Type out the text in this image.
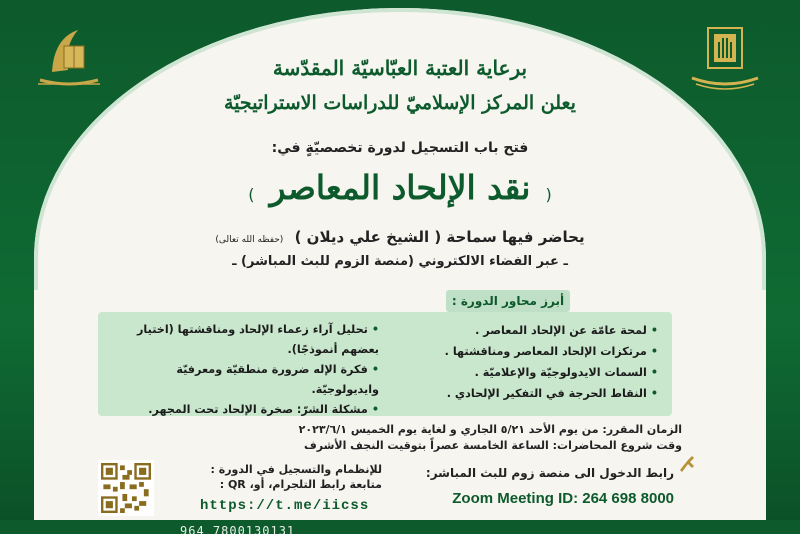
برعاية العتبة العبّاسيّة المقدّسة
يعلن المركز الإسلاميّ للدراسات الاستراتيجيّة
فتح باب التسجيل لدورة تخصصيّةٍ في:
( نقد الإلحاد المعاصر )
يحاضر فيها سماحة ( الشيخ علي ديلان ) (حفظه الله تعالى)
ـ عبر الفضاء الالكتروني (منصة الزوم للبث المباشر) ـ
أبرز محاور الدورة :
• لمحة عامّة عن الإلحاد المعاصر .
• مرتكزات الإلحاد المعاصر ومناقشتها .
• السمات الايدولوجيّة والإعلاميّة .
• النقاط الحرجة في التفكير الإلحادي .
• تحليل آراء زعماء الإلحاد ومناقشتها (اختيار بعضهم أنموذجًا).
• فكرة الإله ضرورة منطقيّة ومعرفيّة وايديولوجيّة.
• مشكلة الشرّ: صخرة الإلحاد تحت المجهر.
الزمان المقرر: من يوم الأحد ٥/٢١ الجاري و لغاية يوم الخميس ٢٠٢٣/٦/١
وقت شروع المحاضرات: الساعة الخامسة عصراً بتوقيت النجف الأشرف
رابط الدخول الى منصة زوم للبث المباشر:
Zoom Meeting ID: 264 698 8000
للإنظمام والتسجيل في الدورة :
متابعة رابط التلجرام، أو، QR :
https://t.me/iicss
964 7800130131
